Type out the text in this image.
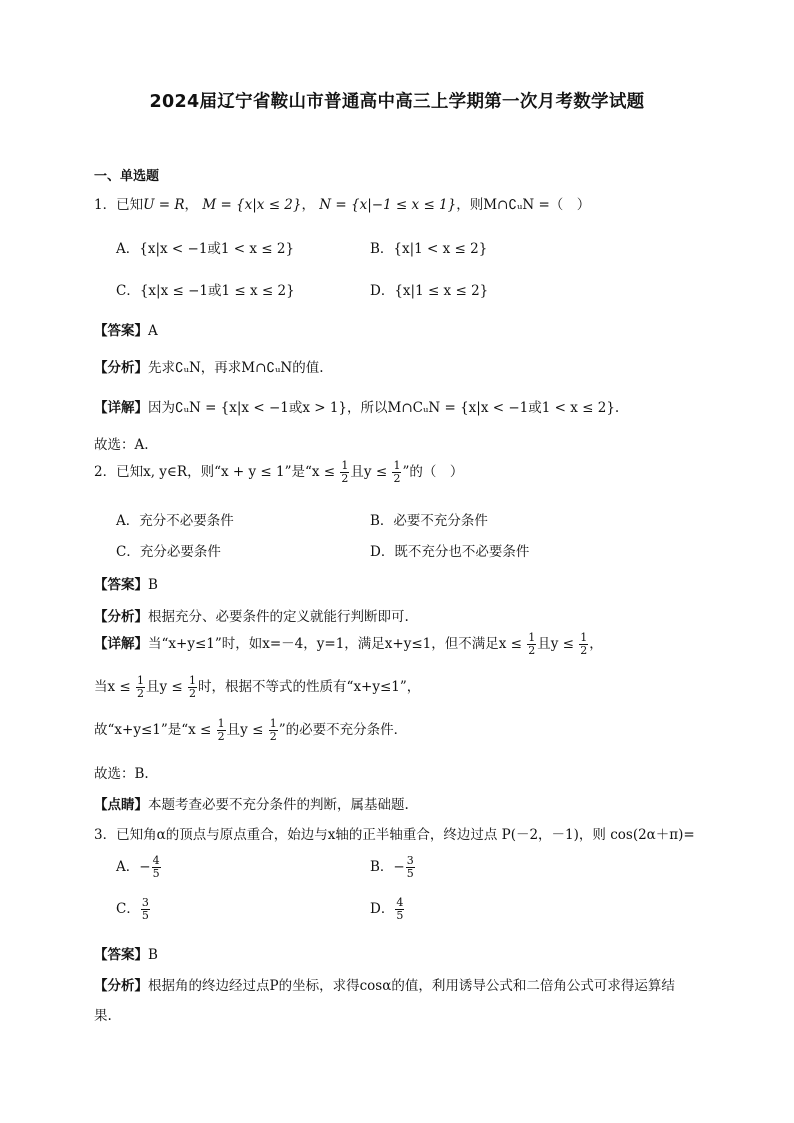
2024届辽宁省鞍山市普通高中高三上学期第一次月考数学试题
一、单选题
1．已知U = R， M = {x|x ≤ 2}， N = {x|−1 ≤ x ≤ 1}，则M∩∁ᵤN =（　）
A．{x|x < −1或1 < x ≤ 2}	B．{x|1 < x ≤ 2}
C．{x|x ≤ −1或1 ≤ x ≤ 2}	D．{x|1 ≤ x ≤ 2}
【答案】A
【分析】先求∁ᵤN，再求M∩∁ᵤN的值.
【详解】因为∁ᵤN = {x|x < −1或x > 1}，所以M∩CᵤN = {x|x < −1或1 < x ≤ 2}.
故选：A.
2．已知x, y∈R，则“x + y ≤ 1”是“$x \le \frac{1}{2}$ 且$y \le \frac{1}{2}$ ”的（　）
A．充分不必要条件	B．必要不充分条件
C．充分必要条件	D．既不充分也不必要条件
【答案】B
【分析】根据充分、必要条件的定义就能行判断即可.
【详解】当“x+y≤1”时，如x=－4，y=1，满足x+y≤1，但不满足$x \le \frac{1}{2}$ 且$y \le \frac{1}{2}$ ，
当$x \le \frac{1}{2}$ 且$y \le \frac{1}{2}$ 时，根据不等式的性质有“x+y≤1”，
故“x+y≤1”是“$x \le \frac{1}{2}$ 且$y \le \frac{1}{2}$ ”的必要不充分条件．
故选：B.
【点睛】本题考查必要不充分条件的判断，属基础题.
3．已知角α的顶点与原点重合，始边与x轴的正半轴重合，终边过点 P(－2，－1)，则 cos(2α＋π)=
A．− $\frac{4}{5}$	B．− $\frac{3}{5}$
C． $\frac{3}{5}$	D． $\frac{4}{5}$
【答案】B
【分析】根据角的终边经过点P的坐标，求得cosα的值，利用诱导公式和二倍角公式可求得运算结
果.
